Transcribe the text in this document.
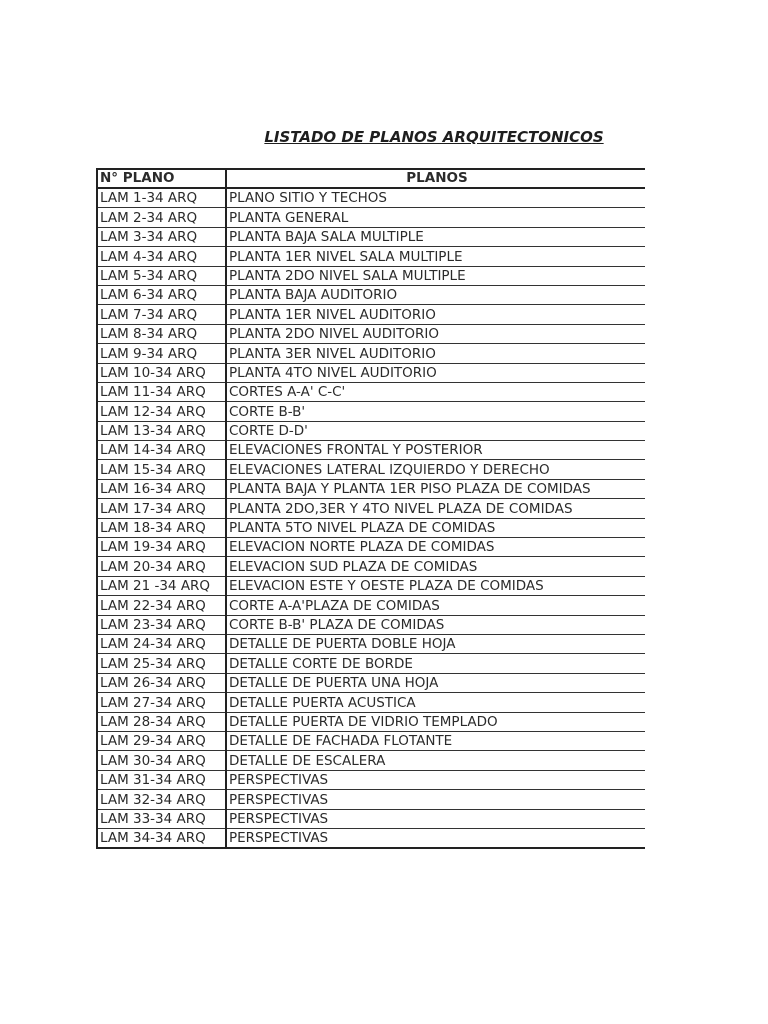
LISTADO DE PLANOS ARQUITECTONICOS
N° PLANO	PLANOS
LAM 1-34 ARQ	PLANO SITIO Y TECHOS
LAM 2-34 ARQ	PLANTA GENERAL
LAM 3-34 ARQ	PLANTA BAJA SALA MULTIPLE
LAM 4-34 ARQ	PLANTA 1ER NIVEL SALA MULTIPLE
LAM 5-34 ARQ	PLANTA 2DO NIVEL SALA MULTIPLE
LAM 6-34 ARQ	PLANTA BAJA AUDITORIO
LAM 7-34 ARQ	PLANTA 1ER NIVEL AUDITORIO
LAM 8-34 ARQ	PLANTA 2DO NIVEL AUDITORIO
LAM 9-34 ARQ	PLANTA 3ER NIVEL AUDITORIO
LAM 10-34 ARQ	PLANTA 4TO NIVEL AUDITORIO
LAM 11-34 ARQ	CORTES A-A' C-C'
LAM 12-34 ARQ	CORTE B-B'
LAM 13-34 ARQ	CORTE D-D'
LAM 14-34 ARQ	ELEVACIONES FRONTAL Y POSTERIOR
LAM 15-34 ARQ	ELEVACIONES LATERAL IZQUIERDO Y DERECHO
LAM 16-34 ARQ	PLANTA BAJA Y PLANTA 1ER PISO PLAZA DE COMIDAS
LAM 17-34 ARQ	PLANTA 2DO,3ER Y 4TO NIVEL PLAZA DE COMIDAS
LAM 18-34 ARQ	PLANTA 5TO NIVEL PLAZA DE COMIDAS
LAM 19-34 ARQ	ELEVACION NORTE PLAZA DE COMIDAS
LAM 20-34 ARQ	ELEVACION SUD PLAZA DE COMIDAS
LAM 21 -34 ARQ	ELEVACION ESTE Y OESTE PLAZA DE COMIDAS
LAM 22-34 ARQ	CORTE A-A'PLAZA DE COMIDAS
LAM 23-34 ARQ	CORTE B-B' PLAZA DE COMIDAS
LAM 24-34 ARQ	DETALLE DE PUERTA DOBLE HOJA
LAM 25-34 ARQ	DETALLE CORTE DE BORDE
LAM 26-34 ARQ	DETALLE DE PUERTA UNA HOJA
LAM 27-34 ARQ	DETALLE PUERTA ACUSTICA
LAM 28-34 ARQ	DETALLE PUERTA DE VIDRIO TEMPLADO
LAM 29-34 ARQ	DETALLE DE FACHADA FLOTANTE
LAM 30-34 ARQ	DETALLE DE ESCALERA
LAM 31-34 ARQ	PERSPECTIVAS
LAM 32-34 ARQ	PERSPECTIVAS
LAM 33-34 ARQ	PERSPECTIVAS
LAM 34-34 ARQ	PERSPECTIVAS
